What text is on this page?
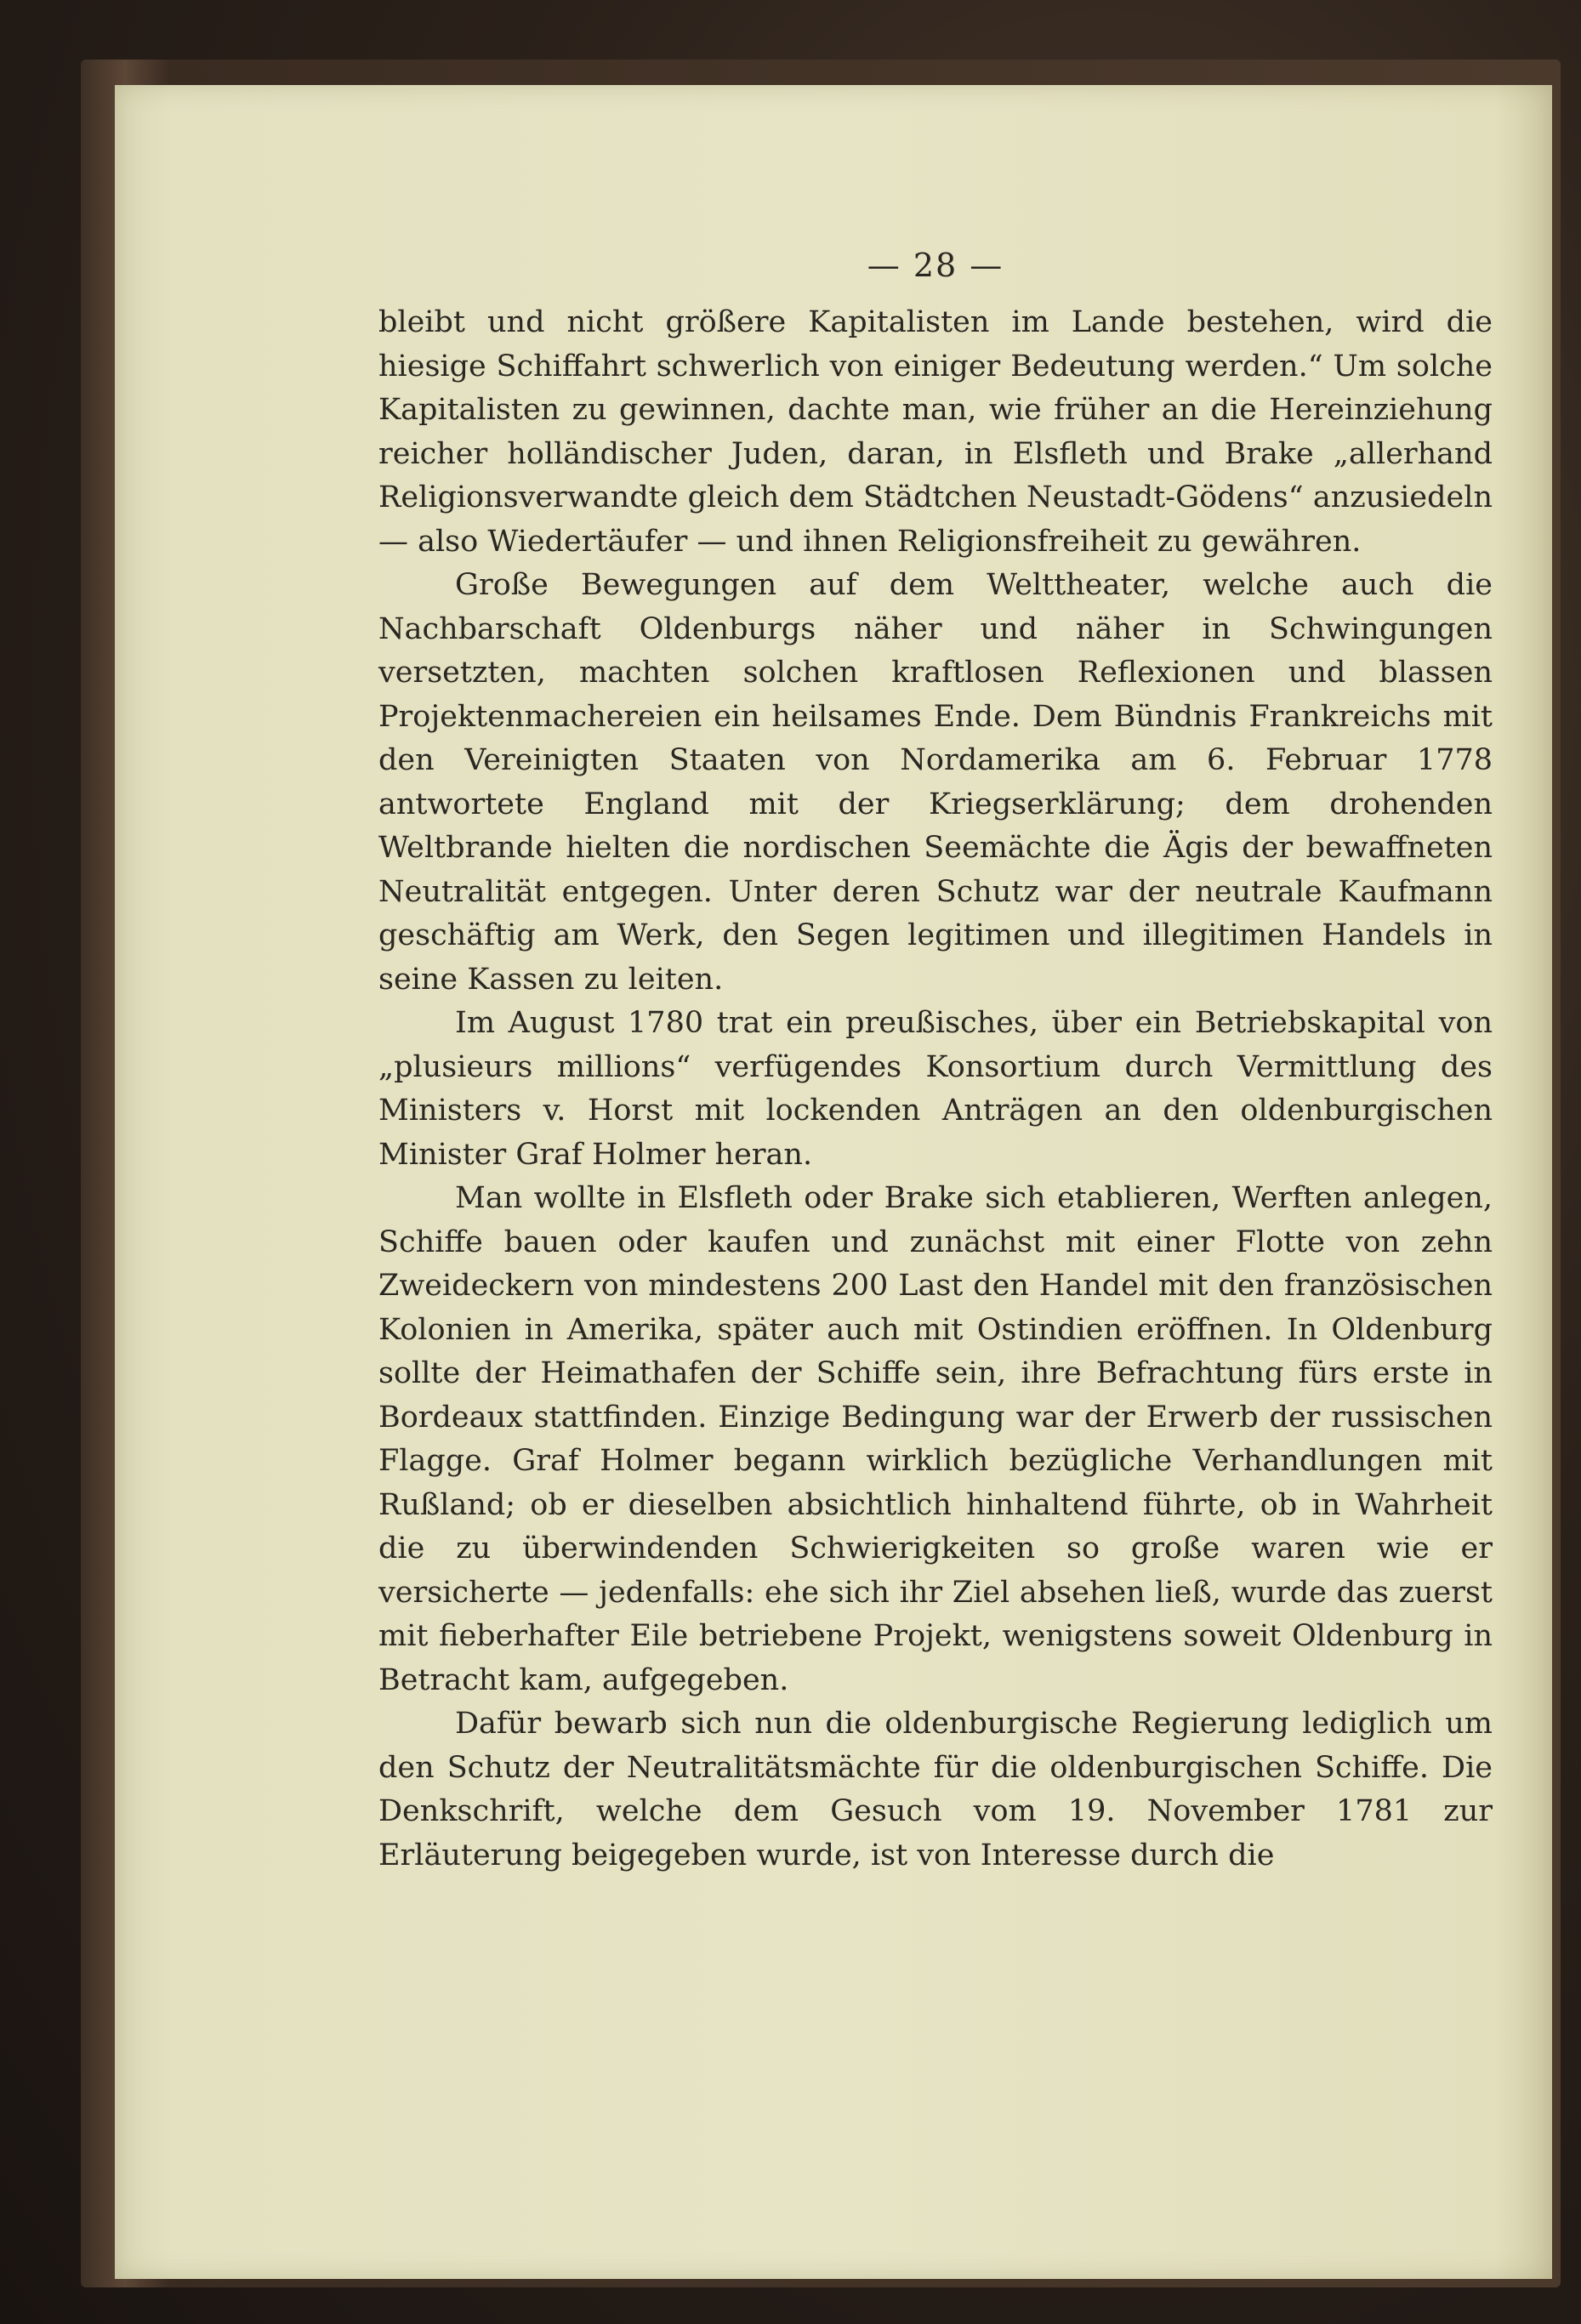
— 28 —

bleibt und nicht größere Kapitalisten im Lande bestehen, wird die hiesige Schiffahrt schwerlich von einiger Bedeutung werden.“ Um solche Kapitalisten zu gewinnen, dachte man, wie früher an die Hereinziehung reicher holländischer Juden, daran, in Elsfleth und Brake „allerhand Religionsverwandte gleich dem Städtchen Neustadt-Gödens“ anzusiedeln — also Wiedertäufer — und ihnen Religionsfreiheit zu gewähren.

Große Bewegungen auf dem Welttheater, welche auch die Nachbarschaft Oldenburgs näher und näher in Schwingungen versetzten, machten solchen kraftlosen Reflexionen und blassen Projektenmachereien ein heilsames Ende. Dem Bündnis Frankreichs mit den Vereinigten Staaten von Nordamerika am 6. Februar 1778 antwortete England mit der Kriegserklärung; dem drohenden Weltbrande hielten die nordischen Seemächte die Ägis der bewaffneten Neutralität entgegen. Unter deren Schutz war der neutrale Kaufmann geschäftig am Werk, den Segen legitimen und illegitimen Handels in seine Kassen zu leiten.

Im August 1780 trat ein preußisches, über ein Betriebskapital von „plusieurs millions“ verfügendes Konsortium durch Vermittlung des Ministers v. Horst mit lockenden Anträgen an den oldenburgischen Minister Graf Holmer heran.

Man wollte in Elsfleth oder Brake sich etablieren, Werften anlegen, Schiffe bauen oder kaufen und zunächst mit einer Flotte von zehn Zweideckern von mindestens 200 Last den Handel mit den französischen Kolonien in Amerika, später auch mit Ostindien eröffnen. In Oldenburg sollte der Heimathafen der Schiffe sein, ihre Befrachtung fürs erste in Bordeaux stattfinden. Einzige Bedingung war der Erwerb der russischen Flagge. Graf Holmer begann wirklich bezügliche Verhandlungen mit Rußland; ob er dieselben absichtlich hinhaltend führte, ob in Wahrheit die zu überwindenden Schwierigkeiten so große waren wie er versicherte — jedenfalls: ehe sich ihr Ziel absehen ließ, wurde das zuerst mit fieberhafter Eile betriebene Projekt, wenigstens soweit Oldenburg in Betracht kam, aufgegeben.

Dafür bewarb sich nun die oldenburgische Regierung lediglich um den Schutz der Neutralitätsmächte für die oldenburgischen Schiffe. Die Denkschrift, welche dem Gesuch vom 19. November 1781 zur Erläuterung beigegeben wurde, ist von Interesse durch die
